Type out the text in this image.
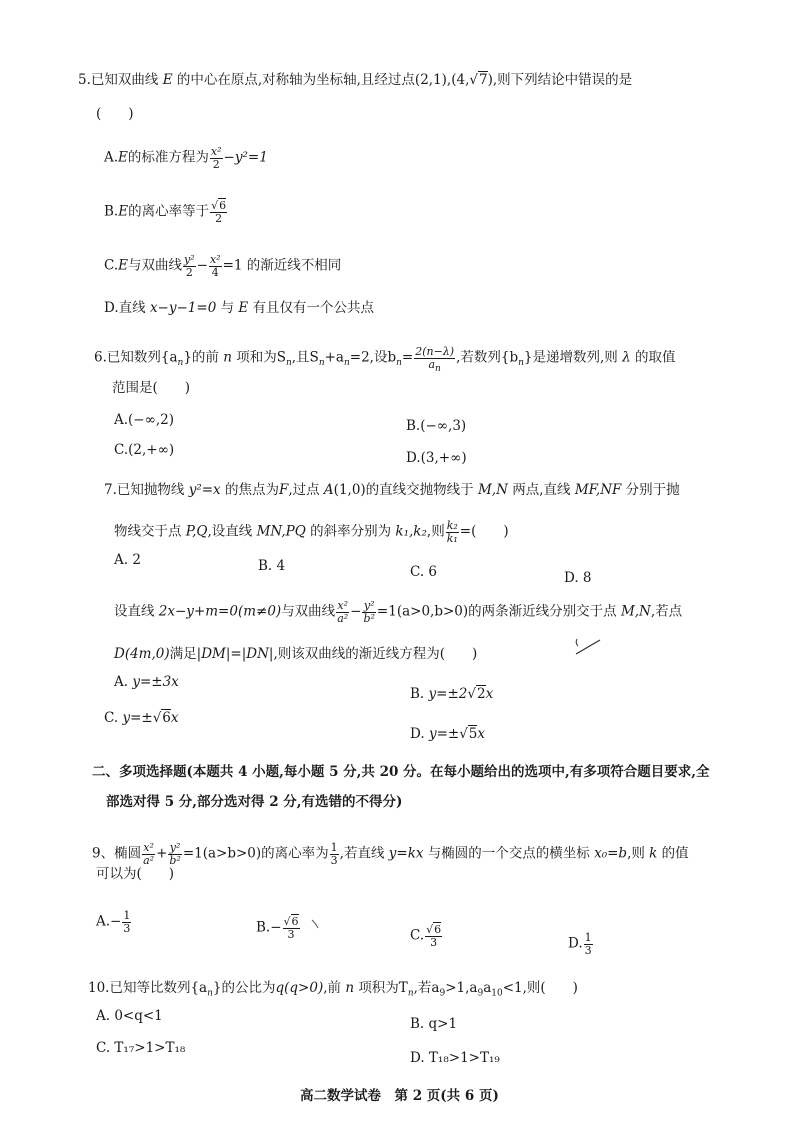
5.已知双曲线 E 的中心在原点,对称轴为坐标轴,且经过点(2,1),(4,√7),则下列结论中错误的是
(　　)
A.E的标准方程为 $\frac{\text{x²}}{2} -y^2=1$
B.E的离心率等于 $\frac{√6}{2}$
C.E与双曲线 $\frac{\text{y²}}{2} - \frac{\text{x²}}{4} =1$ 的渐近线不相同
D.直线 x−y−1=0 与 E 有且仅有一个公共点
6.已知数列$\{a_n\}$的前 n 项和为$S_n$,且$S_n+a_n=2$,设$b_n= \frac{2(n-\lambda)}{a_n}$ ,若数列$\{b_n\}$是递增数列,则 λ 的取值
范围是(　　)
A.(−∞,2)	B.(−∞,3)
C.(2,+∞)	D.(3,+∞)
7.已知抛物线 y²=x 的焦点为F,过点 A(1,0)的直线交抛物线于 M,N 两点,直线 MF,NF 分别于抛
物线交于点 P,Q,设直线 MN,PQ 的斜率分别为 k₁,k₂,则 $\frac{\text{k₂}}{\text{k₁}}$ =(　　)
A. 2	B. 4	C. 6	D. 8
设直线 2x−y+m=0(m≠0)与双曲线 $\frac{\text{x²}}{\text{a²}} - \frac{\text{y²}}{\text{b²}} =1(a>0,b>0)$的两条渐近线分别交于点 M,N,若点
D(4m,0)满足|DM|=|DN|,则该双曲线的渐近线方程为(　　)
A. y=±3x
B. y=±2√2x
C. y=±√6x
D. y=±√5x
二、多项选择题(本题共 4 小题,每小题 5 分,共 20 分。在每小题给出的选项中,有多项符合题目要求,全
部选对得 5 分,部分选对得 2 分,有选错的不得分)
9、椭圆 $\frac{\text{x²}}{\text{a²}} + \frac{\text{y²}}{\text{b²}} =1(a>b>0)$的离心率为 $\frac{1}{3}$ ,若直线 y=kx 与椭圆的一个交点的横坐标 x₀=b,则 k 的值
可以为(　　)
$A.- \frac{1}{3}$	$B.- \frac{√6}{3}$	C. $\frac{√6}{3}$	D. $\frac{1}{3}$
10.已知等比数列$\{a_n\}$的公比为q(q>0),前 n 项积为$T_n$,若$a_9>1,a_9a_{10}<1$,则(　　)
A. 0<q<1	B. q>1
C. T₁₇>1>T₁₈
D. T₁₈>1>T₁₉
高二数学试卷　第 2 页(共 6 页)
